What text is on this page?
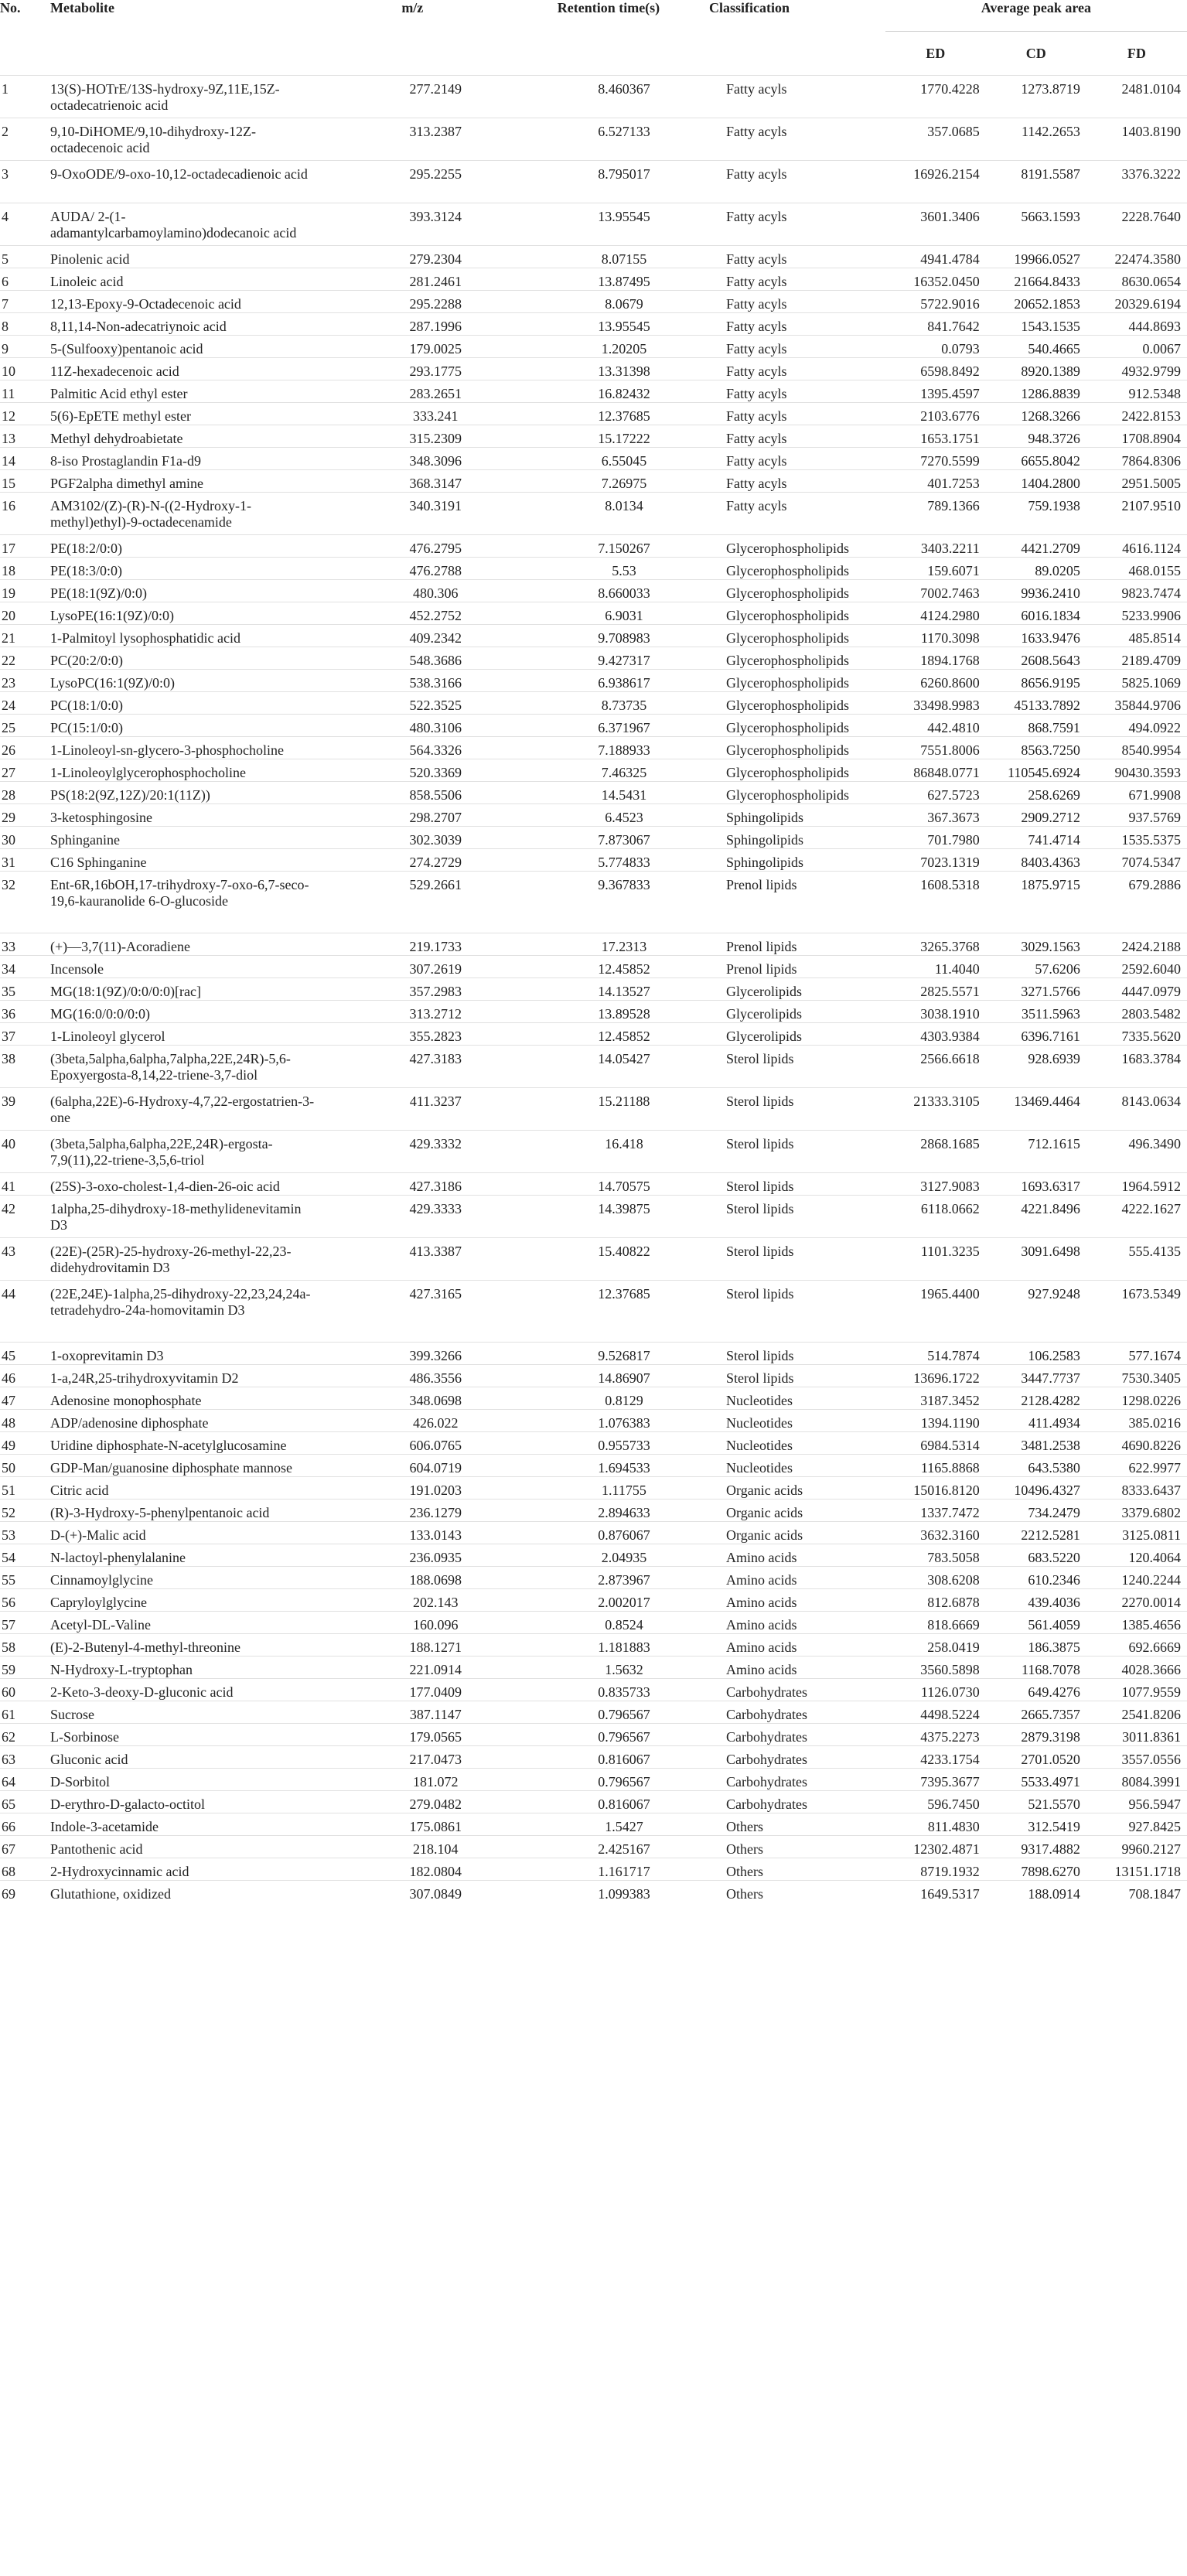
No.	Metabolite	m/z	Retention time(s)	Classification	Average peak area		
					ED	CD	FD
1	13(S)-HOTrE/13S-hydroxy-9Z,11E,15Z-octadecatrienoic acid	277.2149	8.460367	Fatty acyls	1770.4228	1273.8719	2481.0104
2	9,10-DiHOME/9,10-dihydroxy-12Z-octadecenoic acid	313.2387	6.527133	Fatty acyls	357.0685	1142.2653	1403.8190
3	9-OxoODE/9-oxo-10,12-octadecadienoic acid	295.2255	8.795017	Fatty acyls	16926.2154	8191.5587	3376.3222
4	AUDA/ 2-(1-adamantylcarbamoylamino)dodecanoic acid	393.3124	13.95545	Fatty acyls	3601.3406	5663.1593	2228.7640
5	Pinolenic acid	279.2304	8.07155	Fatty acyls	4941.4784	19966.0527	22474.3580
6	Linoleic acid	281.2461	13.87495	Fatty acyls	16352.0450	21664.8433	8630.0654
7	12,13-Epoxy-9-Octadecenoic acid	295.2288	8.0679	Fatty acyls	5722.9016	20652.1853	20329.6194
8	8,11,14-Non-adecatriynoic acid	287.1996	13.95545	Fatty acyls	841.7642	1543.1535	444.8693
9	5-(Sulfooxy)pentanoic acid	179.0025	1.20205	Fatty acyls	0.0793	540.4665	0.0067
10	11Z-hexadecenoic acid	293.1775	13.31398	Fatty acyls	6598.8492	8920.1389	4932.9799
11	Palmitic Acid ethyl ester	283.2651	16.82432	Fatty acyls	1395.4597	1286.8839	912.5348
12	5(6)-EpETE methyl ester	333.241	12.37685	Fatty acyls	2103.6776	1268.3266	2422.8153
13	Methyl dehydroabietate	315.2309	15.17222	Fatty acyls	1653.1751	948.3726	1708.8904
14	8-iso Prostaglandin F1a-d9	348.3096	6.55045	Fatty acyls	7270.5599	6655.8042	7864.8306
15	PGF2alpha dimethyl amine	368.3147	7.26975	Fatty acyls	401.7253	1404.2800	2951.5005
16	AM3102/(Z)-(R)-N-((2-Hydroxy-1-methyl)ethyl)-9-octadecenamide	340.3191	8.0134	Fatty acyls	789.1366	759.1938	2107.9510
17	PE(18:2/0:0)	476.2795	7.150267	Glycerophospholipids	3403.2211	4421.2709	4616.1124
18	PE(18:3/0:0)	476.2788	5.53	Glycerophospholipids	159.6071	89.0205	468.0155
19	PE(18:1(9Z)/0:0)	480.306	8.660033	Glycerophospholipids	7002.7463	9936.2410	9823.7474
20	LysoPE(16:1(9Z)/0:0)	452.2752	6.9031	Glycerophospholipids	4124.2980	6016.1834	5233.9906
21	1-Palmitoyl lysophosphatidic acid	409.2342	9.708983	Glycerophospholipids	1170.3098	1633.9476	485.8514
22	PC(20:2/0:0)	548.3686	9.427317	Glycerophospholipids	1894.1768	2608.5643	2189.4709
23	LysoPC(16:1(9Z)/0:0)	538.3166	6.938617	Glycerophospholipids	6260.8600	8656.9195	5825.1069
24	PC(18:1/0:0)	522.3525	8.73735	Glycerophospholipids	33498.9983	45133.7892	35844.9706
25	PC(15:1/0:0)	480.3106	6.371967	Glycerophospholipids	442.4810	868.7591	494.0922
26	1-Linoleoyl-sn-glycero-3-phosphocholine	564.3326	7.188933	Glycerophospholipids	7551.8006	8563.7250	8540.9954
27	1-Linoleoylglycerophosphocholine	520.3369	7.46325	Glycerophospholipids	86848.0771	110545.6924	90430.3593
28	PS(18:2(9Z,12Z)/20:1(11Z))	858.5506	14.5431	Glycerophospholipids	627.5723	258.6269	671.9908
29	3-ketosphingosine	298.2707	6.4523	Sphingolipids	367.3673	2909.2712	937.5769
30	Sphinganine	302.3039	7.873067	Sphingolipids	701.7980	741.4714	1535.5375
31	C16 Sphinganine	274.2729	5.774833	Sphingolipids	7023.1319	8403.4363	7074.5347
32	Ent-6R,16bOH,17-trihydroxy-7-oxo-6,7-seco-19,6-kauranolide 6-O-glucoside	529.2661	9.367833	Prenol lipids	1608.5318	1875.9715	679.2886
33	(+)—3,7(11)-Acoradiene	219.1733	17.2313	Prenol lipids	3265.3768	3029.1563	2424.2188
34	Incensole	307.2619	12.45852	Prenol lipids	11.4040	57.6206	2592.6040
35	MG(18:1(9Z)/0:0/0:0)[rac]	357.2983	14.13527	Glycerolipids	2825.5571	3271.5766	4447.0979
36	MG(16:0/0:0/0:0)	313.2712	13.89528	Glycerolipids	3038.1910	3511.5963	2803.5482
37	1-Linoleoyl glycerol	355.2823	12.45852	Glycerolipids	4303.9384	6396.7161	7335.5620
38	(3beta,5alpha,6alpha,7alpha,22E,24R)-5,6-Epoxyergosta-8,14,22-triene-3,7-diol	427.3183	14.05427	Sterol lipids	2566.6618	928.6939	1683.3784
39	(6alpha,22E)-6-Hydroxy-4,7,22-ergostatrien-3-one	411.3237	15.21188	Sterol lipids	21333.3105	13469.4464	8143.0634
40	(3beta,5alpha,6alpha,22E,24R)-ergosta-7,9(11),22-triene-3,5,6-triol	429.3332	16.418	Sterol lipids	2868.1685	712.1615	496.3490
41	(25S)-3-oxo-cholest-1,4-dien-26-oic acid	427.3186	14.70575	Sterol lipids	3127.9083	1693.6317	1964.5912
42	1alpha,25-dihydroxy-18-methylidenevitamin D3	429.3333	14.39875	Sterol lipids	6118.0662	4221.8496	4222.1627
43	(22E)-(25R)-25-hydroxy-26-methyl-22,23-didehydrovitamin D3	413.3387	15.40822	Sterol lipids	1101.3235	3091.6498	555.4135
44	(22E,24E)-1alpha,25-dihydroxy-22,23,24,24a-tetradehydro-24a-homovitamin D3	427.3165	12.37685	Sterol lipids	1965.4400	927.9248	1673.5349
45	1-oxoprevitamin D3	399.3266	9.526817	Sterol lipids	514.7874	106.2583	577.1674
46	1-a,24R,25-trihydroxyvitamin D2	486.3556	14.86907	Sterol lipids	13696.1722	3447.7737	7530.3405
47	Adenosine monophosphate	348.0698	0.8129	Nucleotides	3187.3452	2128.4282	1298.0226
48	ADP/adenosine diphosphate	426.022	1.076383	Nucleotides	1394.1190	411.4934	385.0216
49	Uridine diphosphate-N-acetylglucosamine	606.0765	0.955733	Nucleotides	6984.5314	3481.2538	4690.8226
50	GDP-Man/guanosine diphosphate mannose	604.0719	1.694533	Nucleotides	1165.8868	643.5380	622.9977
51	Citric acid	191.0203	1.11755	Organic acids	15016.8120	10496.4327	8333.6437
52	(R)-3-Hydroxy-5-phenylpentanoic acid	236.1279	2.894633	Organic acids	1337.7472	734.2479	3379.6802
53	D-(+)-Malic acid	133.0143	0.876067	Organic acids	3632.3160	2212.5281	3125.0811
54	N-lactoyl-phenylalanine	236.0935	2.04935	Amino acids	783.5058	683.5220	120.4064
55	Cinnamoylglycine	188.0698	2.873967	Amino acids	308.6208	610.2346	1240.2244
56	Capryloylglycine	202.143	2.002017	Amino acids	812.6878	439.4036	2270.0014
57	Acetyl-DL-Valine	160.096	0.8524	Amino acids	818.6669	561.4059	1385.4656
58	(E)-2-Butenyl-4-methyl-threonine	188.1271	1.181883	Amino acids	258.0419	186.3875	692.6669
59	N-Hydroxy-L-tryptophan	221.0914	1.5632	Amino acids	3560.5898	1168.7078	4028.3666
60	2-Keto-3-deoxy-D-gluconic acid	177.0409	0.835733	Carbohydrates	1126.0730	649.4276	1077.9559
61	Sucrose	387.1147	0.796567	Carbohydrates	4498.5224	2665.7357	2541.8206
62	L-Sorbinose	179.0565	0.796567	Carbohydrates	4375.2273	2879.3198	3011.8361
63	Gluconic acid	217.0473	0.816067	Carbohydrates	4233.1754	2701.0520	3557.0556
64	D-Sorbitol	181.072	0.796567	Carbohydrates	7395.3677	5533.4971	8084.3991
65	D-erythro-D-galacto-octitol	279.0482	0.816067	Carbohydrates	596.7450	521.5570	956.5947
66	Indole-3-acetamide	175.0861	1.5427	Others	811.4830	312.5419	927.8425
67	Pantothenic acid	218.104	2.425167	Others	12302.4871	9317.4882	9960.2127
68	2-Hydroxycinnamic acid	182.0804	1.161717	Others	8719.1932	7898.6270	13151.1718
69	Glutathione, oxidized	307.0849	1.099383	Others	1649.5317	188.0914	708.1847
